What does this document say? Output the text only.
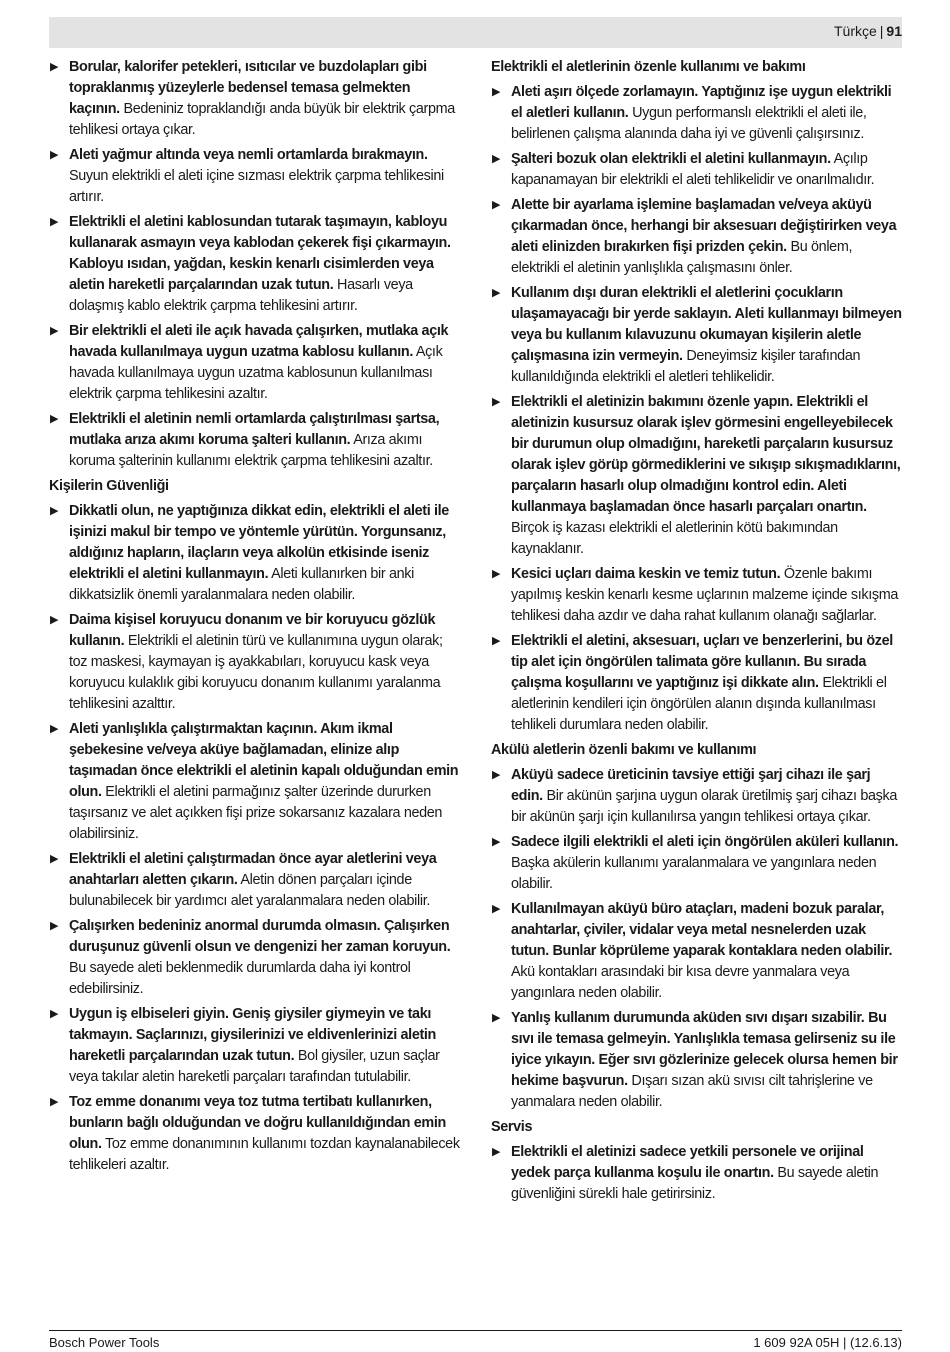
Türkçe | 91
▶ Borular, kalorifer petekleri, ısıtıcılar ve buzdolapları gibi topraklanmış yüzeylerle bedensel temasa gelmekten kaçının. Bedeniniz topraklandığı anda büyük bir elektrik çarpma tehlikesi ortaya çıkar.
▶ Aleti yağmur altında veya nemli ortamlarda bırakmayın. Suyun elektrikli el aleti içine sızması elektrik çarpma tehlikesini artırır.
▶ Elektrikli el aletini kablosundan tutarak taşımayın, kabloyu kullanarak asmayın veya kablodan çekerek fişi çıkarmayın. Kabloyu ısıdan, yağdan, keskin kenarlı cisimlerden veya aletin hareketli parçalarından uzak tutun. Hasarlı veya dolaşmış kablo elektrik çarpma tehlikesini artırır.
▶ Bir elektrikli el aleti ile açık havada çalışırken, mutlaka açık havada kullanılmaya uygun uzatma kablosu kullanın. Açık havada kullanılmaya uygun uzatma kablosunun kullanılması elektrik çarpma tehlikesini azaltır.
▶ Elektrikli el aletinin nemli ortamlarda çalıştırılması şartsa, mutlaka arıza akımı koruma şalteri kullanın. Arıza akımı koruma şalterinin kullanımı elektrik çarpma tehlikesini azaltır.
Kişilerin Güvenliği
▶ Dikkatli olun, ne yaptığınıza dikkat edin, elektrikli el aleti ile işinizi makul bir tempo ve yöntemle yürütün. Yorgunsanız, aldığınız hapların, ilaçların veya alkolün etkisinde iseniz elektrikli el aletini kullanmayın. Aleti kullanırken bir anki dikkatsizlik önemli yaralanmalara neden olabilir.
▶ Daima kişisel koruyucu donanım ve bir koruyucu gözlük kullanın. Elektrikli el aletinin türü ve kullanımına uygun olarak; toz maskesi, kaymayan iş ayakkabıları, koruyucu kask veya koruyucu kulaklık gibi koruyucu donanım kullanımı yaralanma tehlikesini azalttır.
▶ Aleti yanlışlıkla çalıştırmaktan kaçının. Akım ikmal şebekesine ve/veya aküye bağlamadan, elinize alıp taşımadan önce elektrikli el aletinin kapalı olduğundan emin olun. Elektrikli el aletini parmağınız şalter üzerinde dururken taşırsanız ve alet açıkken fişi prize sokarsanız kazalara neden olabilirsiniz.
▶ Elektrikli el aletini çalıştırmadan önce ayar aletlerini veya anahtarları aletten çıkarın. Aletin dönen parçaları içinde bulunabilecek bir yardımcı alet yaralanmalara neden olabilir.
▶ Çalışırken bedeniniz anormal durumda olmasın. Çalışırken duruşunuz güvenli olsun ve dengenizi her zaman koruyun. Bu sayede aleti beklenmedik durumlarda daha iyi kontrol edebilirsiniz.
▶ Uygun iş elbiseleri giyin. Geniş giysiler giymeyin ve takı takmayın. Saçlarınızı, giysilerinizi ve eldivenlerinizi aletin hareketli parçalarından uzak tutun. Bol giysiler, uzun saçlar veya takılar aletin hareketli parçaları tarafından tutulabilir.
▶ Toz emme donanımı veya toz tutma tertibatı kullanırken, bunların bağlı olduğundan ve doğru kullanıldığından emin olun. Toz emme donanımının kullanımı tozdan kaynalanabilecek tehlikeleri azaltır.
Elektrikli el aletlerinin özenle kullanımı ve bakımı
▶ Aleti aşırı ölçede zorlamayın. Yaptığınız işe uygun elektrikli el aletleri kullanın. Uygun performanslı elektrikli el aleti ile, belirlenen çalışma alanında daha iyi ve güvenli çalışırsınız.
▶ Şalteri bozuk olan elektrikli el aletini kullanmayın. Açılıp kapanamayan bir elektrikli el aleti tehlikelidir ve onarılmalıdır.
▶ Alette bir ayarlama işlemine başlamadan ve/veya aküyü çıkarmadan önce, herhangi bir aksesuarı değiştirirken veya aleti elinizden bırakırken fişi prizden çekin. Bu önlem, elektrikli el aletinin yanlışlıkla çalışmasını önler.
▶ Kullanım dışı duran elektrikli el aletlerini çocukların ulaşamayacağı bir yerde saklayın. Aleti kullanmayı bilmeyen veya bu kullanım kılavuzunu okumayan kişilerin aletle çalışmasına izin vermeyin. Deneyimsiz kişiler tarafından kullanıldığında elektrikli el aletleri tehlikelidir.
▶ Elektrikli el aletinizin bakımını özenle yapın. Elektrikli el aletinizin kusursuz olarak işlev görmesini engelleyebilecek bir durumun olup olmadığını, hareketli parçaların kusursuz olarak işlev görüp görmediklerini ve sıkışıp sıkışmadıklarını, parçaların hasarlı olup olmadığını kontrol edin. Aleti kullanmaya başlamadan önce hasarlı parçaları onartın. Birçok iş kazası elektrikli el aletlerinin kötü bakımından kaynaklanır.
▶ Kesici uçları daima keskin ve temiz tutun. Özenle bakımı yapılmış keskin kenarlı kesme uçlarının malzeme içinde sıkışma tehlikesi daha azdır ve daha rahat kullanım olanağı sağlarlar.
▶ Elektrikli el aletini, aksesuarı, uçları ve benzerlerini, bu özel tip alet için öngörülen talimata göre kullanın. Bu sırada çalışma koşullarını ve yaptığınız işi dikkate alın. Elektrikli el aletlerinin kendileri için öngörülen alanın dışında kullanılması tehlikeli durumlara neden olabilir.
Akülü aletlerin özenli bakımı ve kullanımı
▶ Aküyü sadece üreticinin tavsiye ettiği şarj cihazı ile şarj edin. Bir akünün şarjına uygun olarak üretilmiş şarj cihazı başka bir akünün şarjı için kullanılırsa yangın tehlikesi ortaya çıkar.
▶ Sadece ilgili elektrikli el aleti için öngörülen aküleri kullanın. Başka akülerin kullanımı yaralanmalara ve yangınlara neden olabilir.
▶ Kullanılmayan aküyü büro ataçları, madeni bozuk paralar, anahtarlar, çiviler, vidalar veya metal nesnelerden uzak tutun. Bunlar köprüleme yaparak kontaklara neden olabilir. Akü kontakları arasındaki bir kısa devre yanmalara veya yangınlara neden olabilir.
▶ Yanlış kullanım durumunda aküden sıvı dışarı sızabilir. Bu sıvı ile temasa gelmeyin. Yanlışlıkla temasa gelirseniz su ile iyice yıkayın. Eğer sıvı gözlerinize gelecek olursa hemen bir hekime başvurun. Dışarı sızan akü sıvısı cilt tahrişlerine ve yanmalara neden olabilir.
Servis
▶ Elektrikli el aletinizi sadece yetkili personele ve orijinal yedek parça kullanma koşulu ile onartın. Bu sayede aletin güvenliğini sürekli hale getirirsiniz.
Bosch Power Tools	1 609 92A 05H | (12.6.13)
